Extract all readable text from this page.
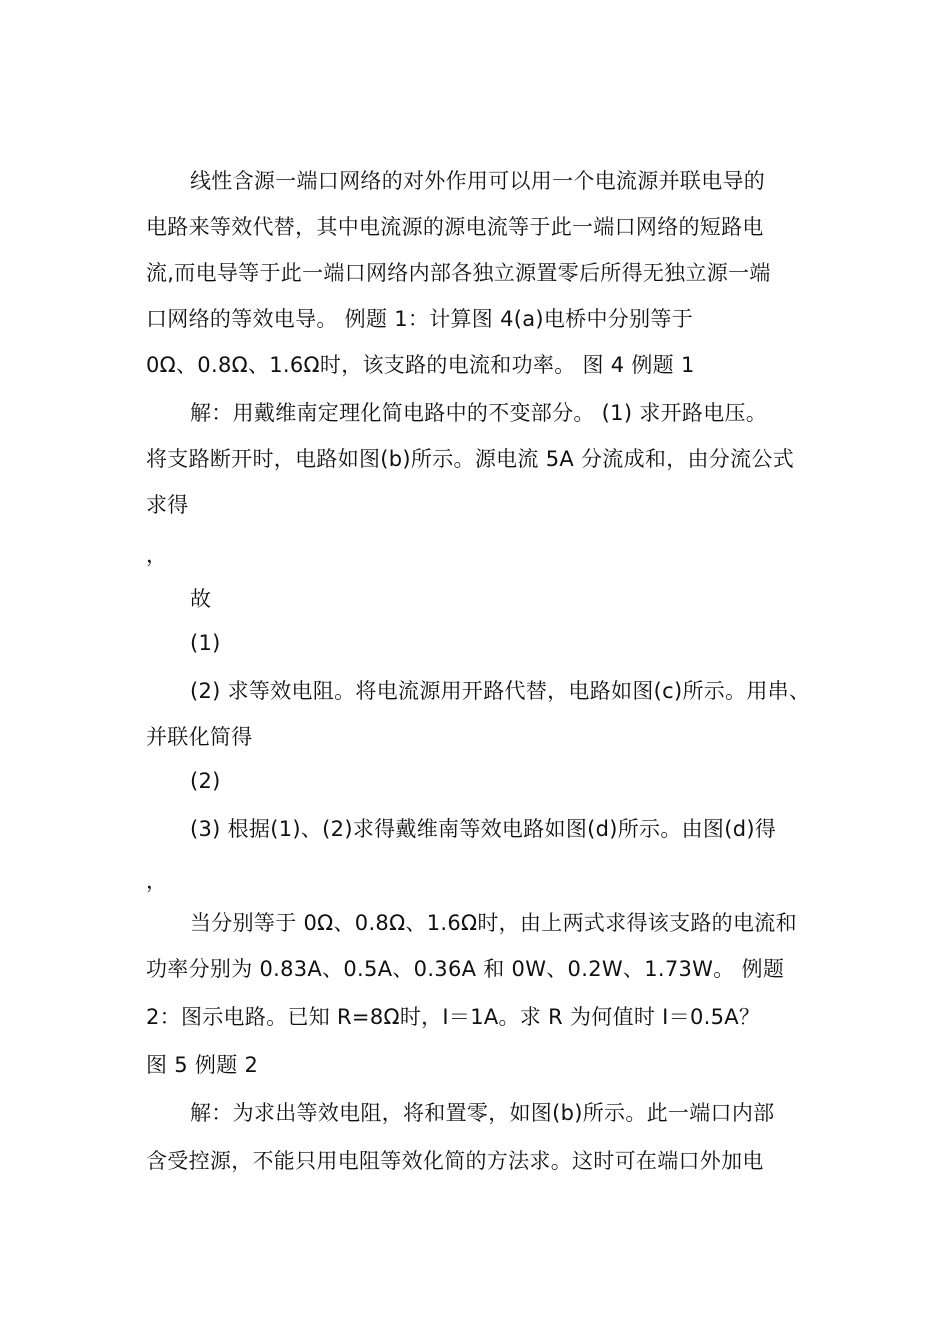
线性含源一端口网络的对外作用可以用一个电流源并联电导的
电路来等效代替，其中电流源的源电流等于此一端口网络的短路电
流,而电导等于此一端口网络内部各独立源置零后所得无独立源一端
口网络的等效电导。 例题 1：计算图 4(a)电桥中分别等于
0Ω、0.8Ω、1.6Ω时，该支路的电流和功率。 图 4 例题 1
解：用戴维南定理化简电路中的不变部分。 (1) 求开路电压。
将支路断开时，电路如图(b)所示。源电流 5A 分流成和，由分流公式
求得
，
故
(1)
(2) 求等效电阻。将电流源用开路代替，电路如图(c)所示。用串、
并联化简得
(2)
(3) 根据(1)、(2)求得戴维南等效电路如图(d)所示。由图(d)得
，
当分别等于 0Ω、0.8Ω、1.6Ω时，由上两式求得该支路的电流和
功率分别为 0.83A、0.5A、0.36A 和 0W、0.2W、1.73W。 例题
2：图示电路。已知 R=8Ω时，I＝1A。求 R 为何值时 I＝0.5A？
图 5 例题 2
解：为求出等效电阻，将和置零，如图(b)所示。此一端口内部
含受控源，不能只用电阻等效化简的方法求。这时可在端口外加电
